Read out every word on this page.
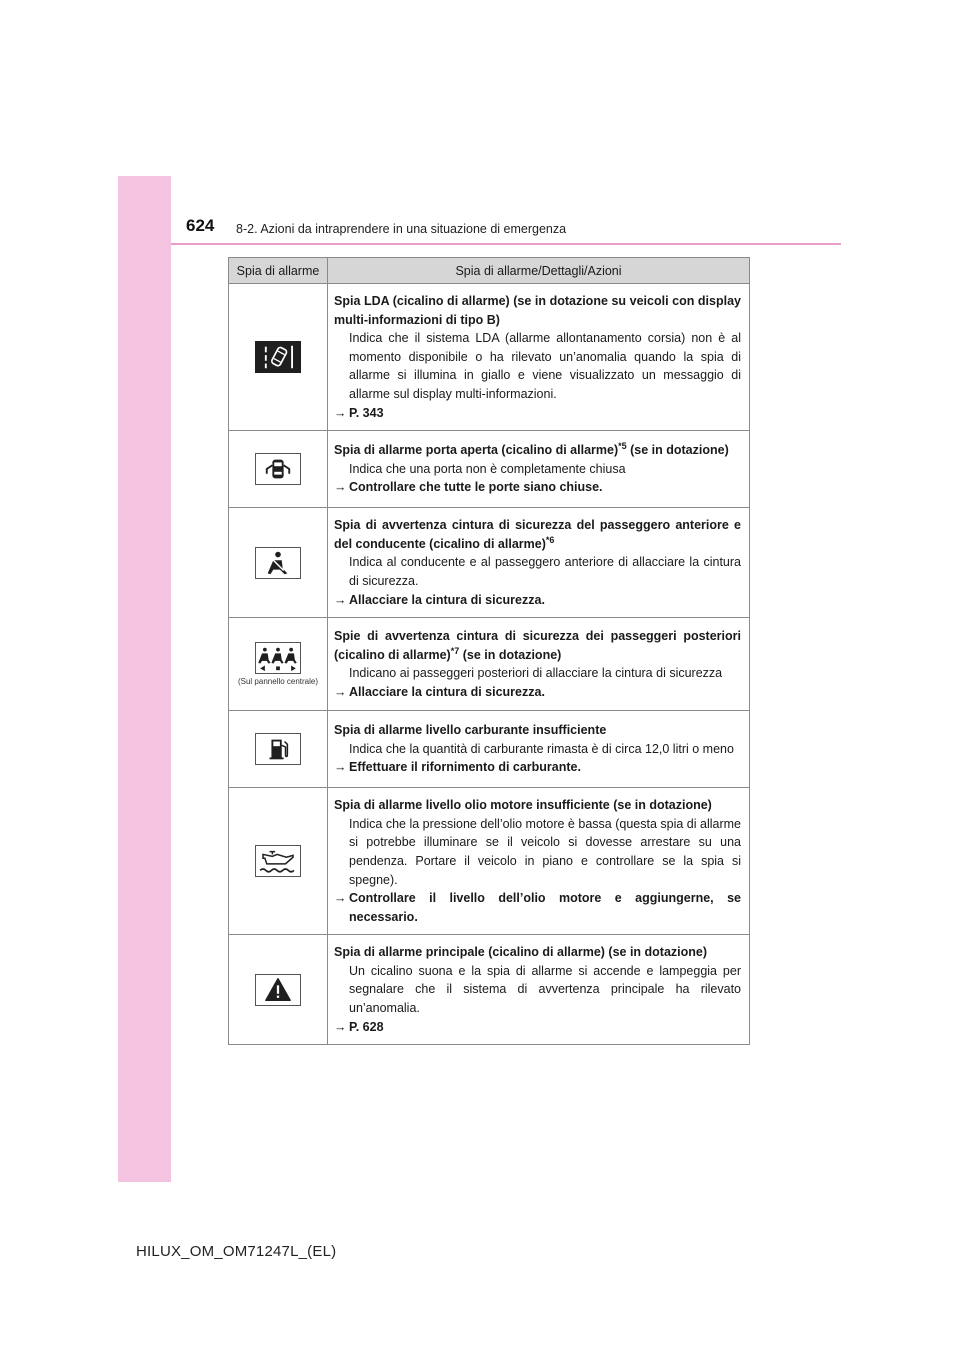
624 8-2. Azioni da intraprendere in una situazione di emergenza
Spia di allarme	Spia di allarme/Dettagli/Azioni

Spia LDA (cicalino di allarme) (se in dotazione su veicoli con display multi-informazioni di tipo B)
Indica che il sistema LDA (allarme allontanamento corsia) non è al momento disponibile o ha rilevato un’anomalia quando la spia di allarme si illumina in giallo e viene visualizzato un messaggio di allarme sul display multi-informazioni.
→ P. 343

Spia di allarme porta aperta (cicalino di allarme)$^{*5}$ (se in dotazione)
Indica che una porta non è completamente chiusa
→ Controllare che tutte le porte siano chiuse.

Spia di avvertenza cintura di sicurezza del passeggero anteriore e del conducente (cicalino di allarme)$^{*6}$
Indica al conducente e al passeggero anteriore di allacciare la cintura di sicurezza.
→ Allacciare la cintura di sicurezza.

(Sul pannello centrale)	Spie di avvertenza cintura di sicurezza dei passeggeri posteriori (cicalino di allarme)$^{*7}$ (se in dotazione)
Indicano ai passeggeri posteriori di allacciare la cintura di sicurezza
→ Allacciare la cintura di sicurezza.

Spia di allarme livello carburante insufficiente
Indica che la quantità di carburante rimasta è di circa 12,0 litri o meno
→ Effettuare il rifornimento di carburante.

Spia di allarme livello olio motore insufficiente (se in dotazione)
Indica che la pressione dell’olio motore è bassa (questa spia di allarme si potrebbe illuminare se il veicolo si dovesse arrestare su una pendenza. Portare il veicolo in piano e controllare se la spia si spegne).
→ Controllare il livello dell’olio motore e aggiungerne, se necessario.

Spia di allarme principale (cicalino di allarme) (se in dotazione)
Un cicalino suona e la spia di allarme si accende e lampeggia per segnalare che il sistema di avvertenza principale ha rilevato un’anomalia.
→ P. 628
HILUX_OM_OM71247L_(EL)
